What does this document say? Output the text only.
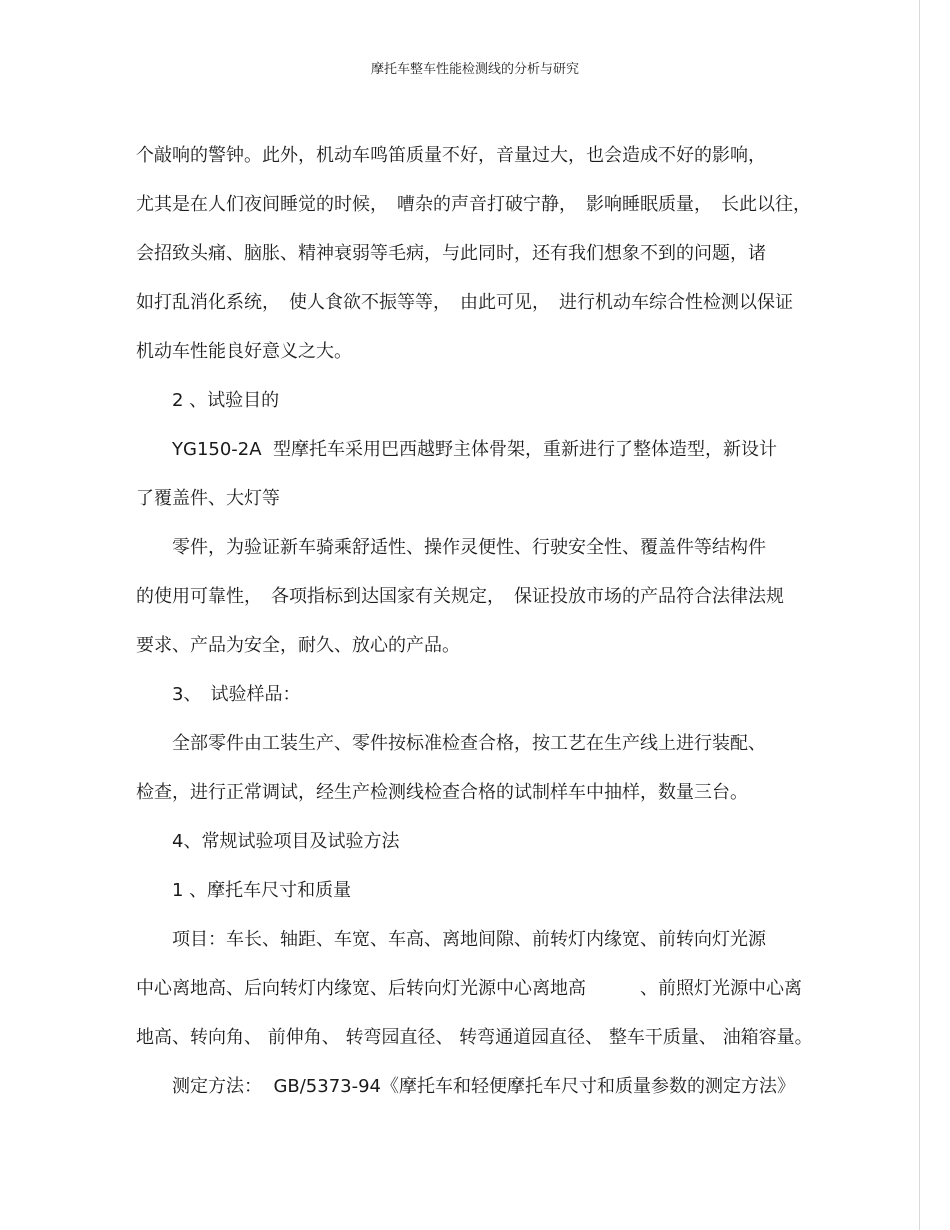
摩托车整车性能检测线的分析与研究
个敲响的警钟。此外，机动车鸣笛质量不好，音量过大，也会造成不好的影响，
尤其是在人们夜间睡觉的时候，　嘈杂的声音打破宁静，　影响睡眠质量，　长此以往，
会招致头痛、脑胀、精神衰弱等毛病，与此同时，还有我们想象不到的问题，诸
如打乱消化系统，　使人食欲不振等等，　由此可见，　进行机动车综合性检测以保证
机动车性能良好意义之大。
2 、试验目的
YG150-2A  型摩托车采用巴西越野主体骨架，重新进行了整体造型，新设计
了覆盖件、大灯等
零件，为验证新车骑乘舒适性、操作灵便性、行驶安全性、覆盖件等结构件
的使用可靠性，　各项指标到达国家有关规定，　保证投放市场的产品符合法律法规
要求、产品为安全，耐久、放心的产品。
3、　试验样品：
全部零件由工装生产、零件按标准检查合格，按工艺在生产线上进行装配、
检查，进行正常调试，经生产检测线检查合格的试制样车中抽样，数量三台。
4、常规试验项目及试验方法
1 、摩托车尺寸和质量
项目：车长、轴距、车宽、车高、离地间隙、前转灯内缘宽、前转向灯光源
中心离地高、后向转灯内缘宽、后转向灯光源中心离地高　　　、前照灯光源中心离
地高、转向角、 前伸角、 转弯园直径、 转弯通道园直径、 整车干质量、 油箱容量。
测定方法：  GB/5373-94《摩托车和轻便摩托车尺寸和质量参数的测定方法》
